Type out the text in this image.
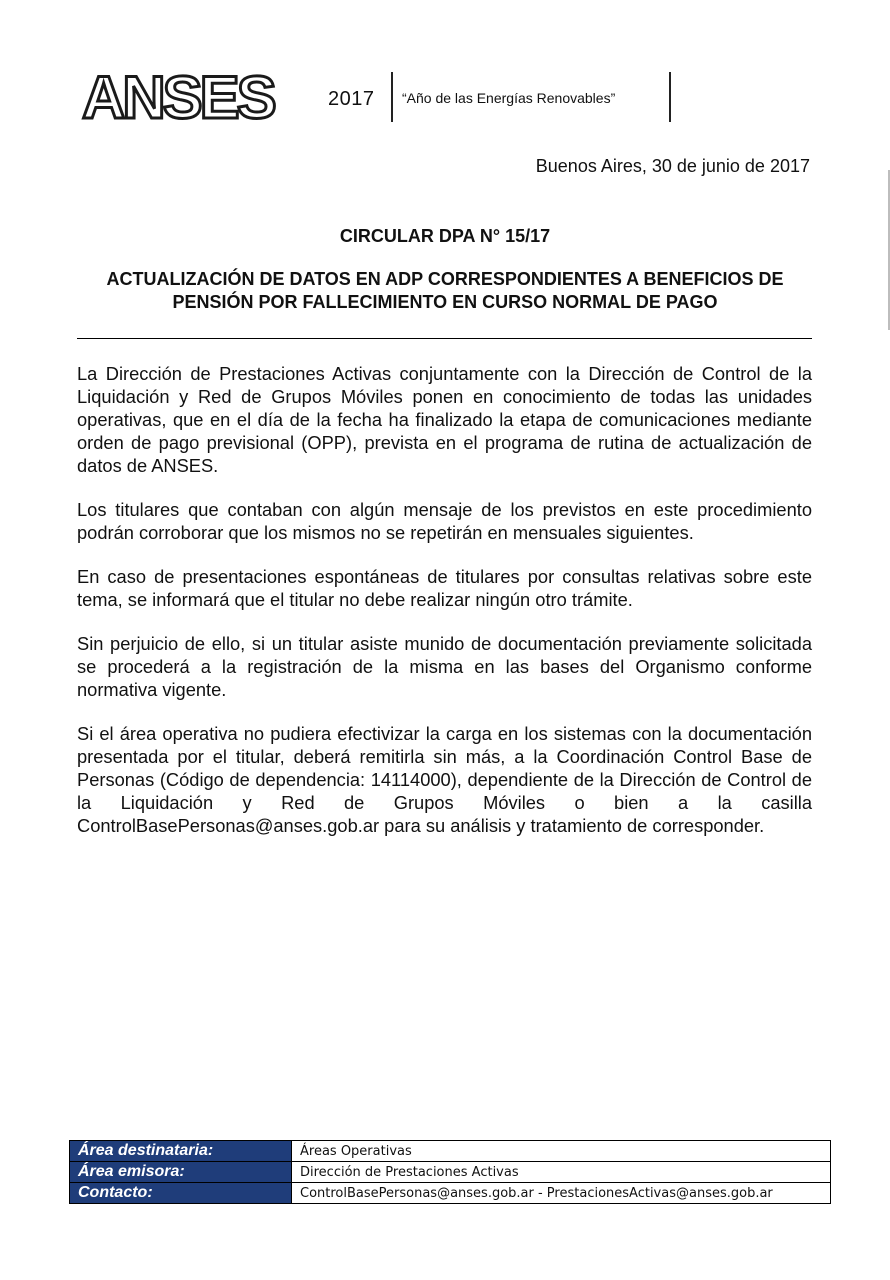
ANSES	2017 “Año de las Energías Renovables”
Buenos Aires, 30 de junio de 2017
CIRCULAR DPA N° 15/17
ACTUALIZACIÓN DE DATOS EN ADP CORRESPONDIENTES A BENEFICIOS DE PENSIÓN POR FALLECIMIENTO EN CURSO NORMAL DE PAGO

La Dirección de Prestaciones Activas conjuntamente con la Dirección de Control de la Liquidación y Red de Grupos Móviles ponen en conocimiento de todas las unidades operativas, que en el día de la fecha ha finalizado la etapa de comunicaciones mediante orden de pago previsional (OPP), prevista en el programa de rutina de actualización de datos de ANSES.

Los titulares que contaban con algún mensaje de los previstos en este procedimiento podrán corroborar que los mismos no se repetirán en mensuales siguientes.

En caso de presentaciones espontáneas de titulares por consultas relativas sobre este tema, se informará que el titular no debe realizar ningún otro trámite.

Sin perjuicio de ello, si un titular asiste munido de documentación previamente solicitada se procederá a la registración de la misma en las bases del Organismo conforme normativa vigente.

Si el área operativa no pudiera efectivizar la carga en los sistemas con la documentación presentada por el titular, deberá remitirla sin más, a la Coordinación Control Base de Personas (Código de dependencia: 14114000), dependiente de la Dirección de Control de la Liquidación y Red de Grupos Móviles o bien a la casilla ControlBasePersonas@anses.gob.ar para su análisis y tratamiento de corresponder.

Área destinataria:	Áreas Operativas
Área emisora:	Dirección de Prestaciones Activas
Contacto:	ControlBasePersonas@anses.gob.ar - PrestacionesActivas@anses.gob.ar
